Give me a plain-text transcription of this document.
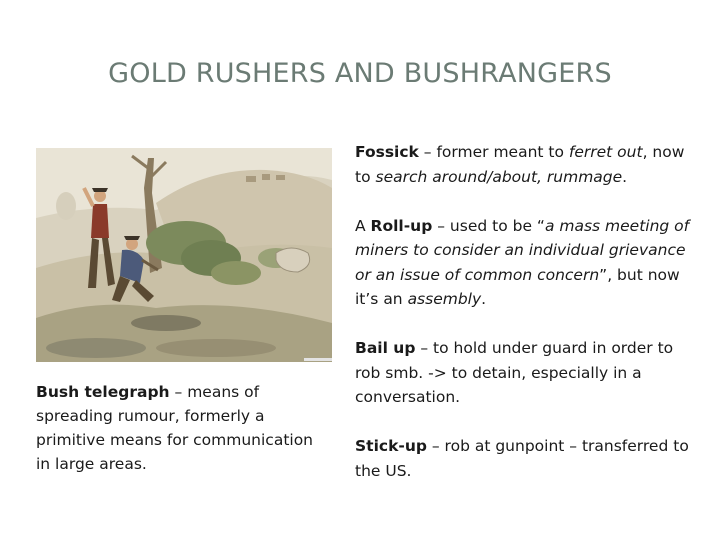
GOLD RUSHERS AND BUSHRANGERS
Bush telegraph – means of spreading rumour, formerly a primitive means for communication in large areas.

Fossick – former meant to ferret out, now to search around/about, rummage.

A Roll-up – used to be “a mass meeting of miners to consider an individual grievance or an issue of common concern”, but now it’s an assembly.

Bail up – to hold under guard in order to rob smb. -> to detain, especially in a conversation.

Stick-up – rob at gunpoint – transferred to the US.
